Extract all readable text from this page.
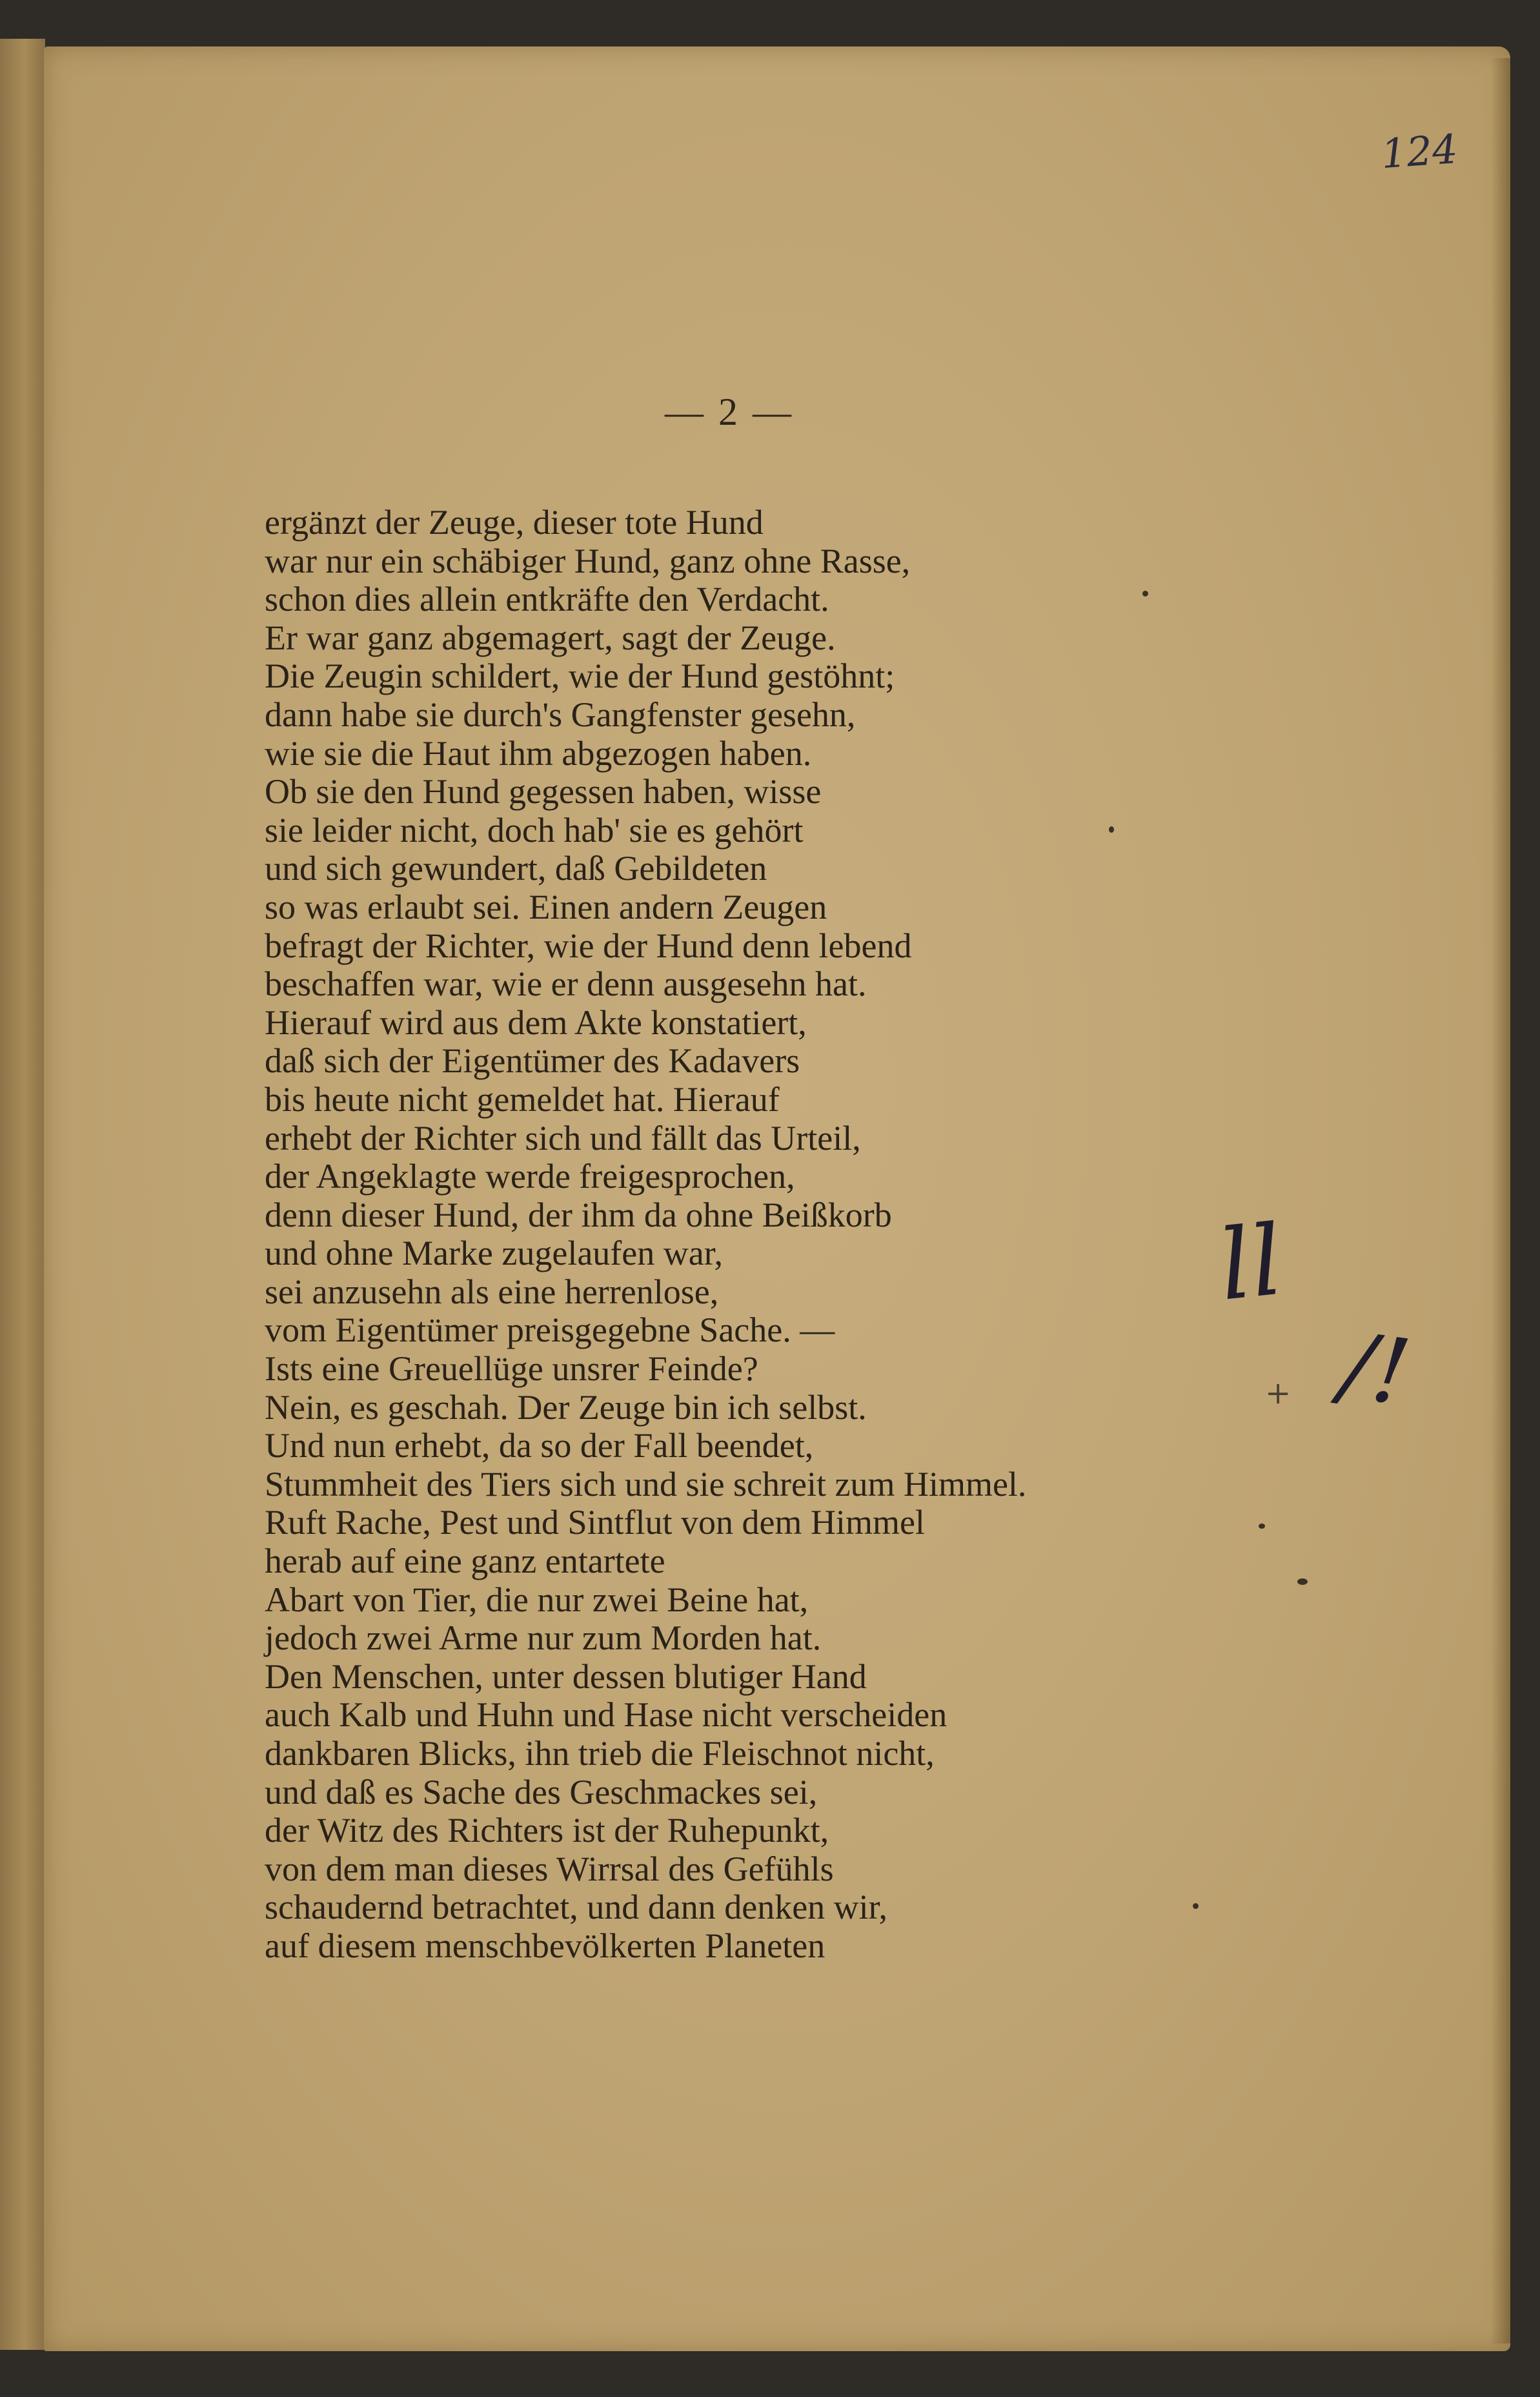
124
— 2 —
ergänzt der Zeuge, dieser tote Hund
war nur ein schäbiger Hund, ganz ohne Rasse,
schon dies allein entkräfte den Verdacht.
Er war ganz abgemagert, sagt der Zeuge.
Die Zeugin schildert, wie der Hund gestöhnt;
dann habe sie durch's Gangfenster gesehn,
wie sie die Haut ihm abgezogen haben.
Ob sie den Hund gegessen haben, wisse
sie leider nicht, doch hab' sie es gehört
und sich gewundert, daß Gebildeten
so was erlaubt sei. Einen andern Zeugen
befragt der Richter, wie der Hund denn lebend
beschaffen war, wie er denn ausgesehn hat.
Hierauf wird aus dem Akte konstatiert,
daß sich der Eigentümer des Kadavers
bis heute nicht gemeldet hat. Hierauf
erhebt der Richter sich und fällt das Urteil,
der Angeklagte werde freigesprochen,
denn dieser Hund, der ihm da ohne Beißkorb
und ohne Marke zugelaufen war,
sei anzusehn als eine herrenlose,
vom Eigentümer preisgegebne Sache. —
Ists eine Greuellüge unsrer Feinde?
Nein, es geschah. Der Zeuge bin ich selbst.
Und nun erhebt, da so der Fall beendet,
Stummheit des Tiers sich und sie schreit zum Himmel.
Ruft Rache, Pest und Sintflut von dem Himmel
herab auf eine ganz entartete
Abart von Tier, die nur zwei Beine hat,
jedoch zwei Arme nur zum Morden hat.
Den Menschen, unter dessen blutiger Hand
auch Kalb und Huhn und Hase nicht verscheiden
dankbaren Blicks, ihn trieb die Fleischnot nicht,
und daß es Sache des Geschmackes sei,
der Witz des Richters ist der Ruhepunkt,
von dem man dieses Wirrsal des Gefühls
schaudernd betrachtet, und dann denken wir,
auf diesem menschbevölkerten Planeten
ll
/!
+
